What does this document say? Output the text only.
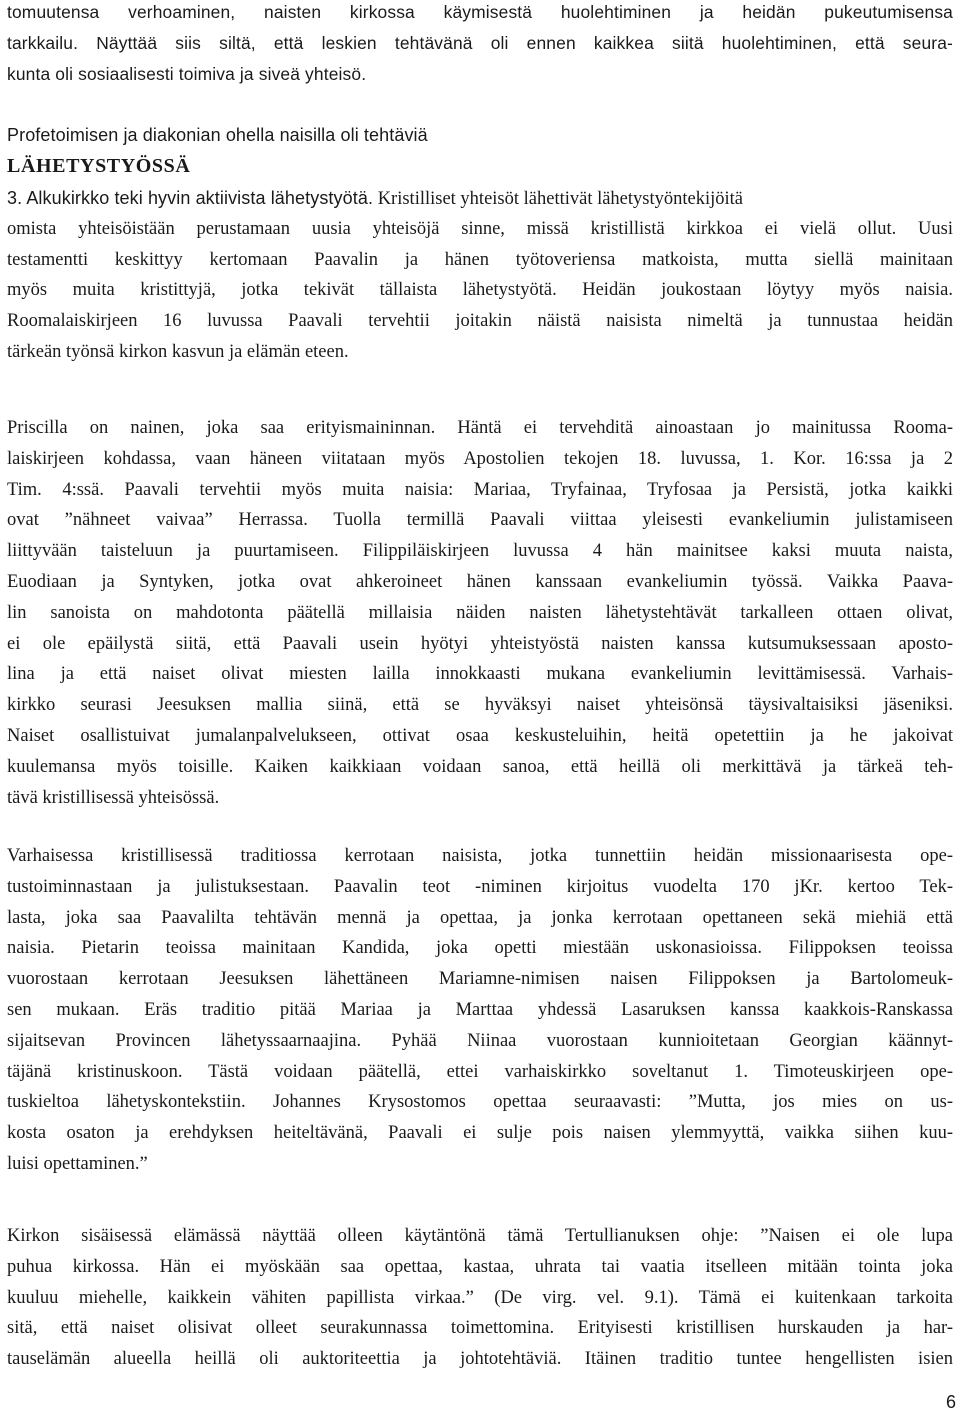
tomuutensa verhoaminen, naisten kirkossa käymisestä huolehtiminen ja heidän pukeutumisensa
tarkkailu. Näyttää siis siltä, että leskien tehtävänä oli ennen kaikkea siitä huolehtiminen, että seura-
kunta oli sosiaalisesti toimiva ja siveä yhteisö.
Profetoimisen ja diakonian ohella naisilla oli tehtäviä
LÄHETYSTYÖSSÄ
3. Alkukirkko teki hyvin aktiivista lähetystyötä. Kristilliset yhteisöt lähettivät lähetystyöntekijöitä
omista yhteisöistään perustamaan uusia yhteisöjä sinne, missä kristillistä kirkkoa ei vielä ollut. Uusi
testamentti keskittyy kertomaan Paavalin ja hänen työtoveriensa matkoista, mutta siellä mainitaan
myös muita kristittyjä, jotka tekivät tällaista lähetystyötä. Heidän joukostaan löytyy myös naisia.
Roomalaiskirjeen 16 luvussa Paavali tervehtii joitakin näistä naisista nimeltä ja tunnustaa heidän
tärkeän työnsä kirkon kasvun ja elämän eteen.
Priscilla on nainen, joka saa erityismaininnan. Häntä ei tervehditä ainoastaan jo mainitussa Rooma-
laiskirjeen kohdassa, vaan häneen viitataan myös Apostolien tekojen 18. luvussa, 1. Kor. 16:ssa ja 2
Tim. 4:ssä. Paavali tervehtii myös muita naisia: Mariaa, Tryfainaa, Tryfosaa ja Persistä, jotka kaikki
ovat ”nähneet vaivaa” Herrassa. Tuolla termillä Paavali viittaa yleisesti evankeliumin julistamiseen
liittyvään taisteluun ja puurtamiseen. Filippiläiskirjeen luvussa 4 hän mainitsee kaksi muuta naista,
Euodiaan ja Syntyken, jotka ovat ahkeroineet hänen kanssaan evankeliumin työssä. Vaikka Paava-
lin sanoista on mahdotonta päätellä millaisia näiden naisten lähetystehtävät tarkalleen ottaen olivat,
ei ole epäilystä siitä, että Paavali usein hyötyi yhteistyöstä naisten kanssa kutsumuksessaan aposto-
lina ja että naiset olivat miesten lailla innokkaasti mukana evankeliumin levittämisessä. Varhais-
kirkko seurasi Jeesuksen mallia siinä, että se hyväksyi naiset yhteisönsä täysivaltaisiksi jäseniksi.
Naiset osallistuivat jumalanpalvelukseen, ottivat osaa keskusteluihin, heitä opetettiin ja he jakoivat
kuulemansa myös toisille. Kaiken kaikkiaan voidaan sanoa, että heillä oli merkittävä ja tärkeä teh-
tävä kristillisessä yhteisössä.
Varhaisessa kristillisessä traditiossa kerrotaan naisista, jotka tunnettiin heidän missionaarisesta ope-
tustoiminnastaan ja julistuksestaan. Paavalin teot -niminen kirjoitus vuodelta 170 jKr. kertoo Tek-
lasta, joka saa Paavalilta tehtävän mennä ja opettaa, ja jonka kerrotaan opettaneen sekä miehiä että
naisia. Pietarin teoissa mainitaan Kandida, joka opetti miestään uskonasioissa. Filippoksen teoissa
vuorostaan kerrotaan Jeesuksen lähettäneen Mariamne-nimisen naisen Filippoksen ja Bartolomeuk-
sen mukaan. Eräs traditio pitää Mariaa ja Marttaa yhdessä Lasaruksen kanssa kaakkois-Ranskassa
sijaitsevan Provincen lähetyssaarnaajina. Pyhää Niinaa vuorostaan kunnioitetaan Georgian käännyt-
täjänä kristinuskoon. Tästä voidaan päätellä, ettei varhaiskirkko soveltanut 1. Timoteuskirjeen ope-
tuskieltoa lähetyskontekstiin. Johannes Krysostomos opettaa seuraavasti: ”Mutta, jos mies on us-
kosta osaton ja erehdyksen heiteltävänä, Paavali ei sulje pois naisen ylemmyyttä, vaikka siihen kuu-
luisi opettaminen.”
Kirkon sisäisessä elämässä näyttää olleen käytäntönä tämä Tertullianuksen ohje: ”Naisen ei ole lupa
puhua kirkossa. Hän ei myöskään saa opettaa, kastaa, uhrata tai vaatia itselleen mitään tointa joka
kuuluu miehelle, kaikkein vähiten papillista virkaa.” (De virg. vel. 9.1). Tämä ei kuitenkaan tarkoita
sitä, että naiset olisivat olleet seurakunnassa toimettomina. Erityisesti kristillisen hurskauden ja har-
tauselämän alueella heillä oli auktoriteettia ja johtotehtäviä. Itäinen traditio tuntee hengellisten isien
6
